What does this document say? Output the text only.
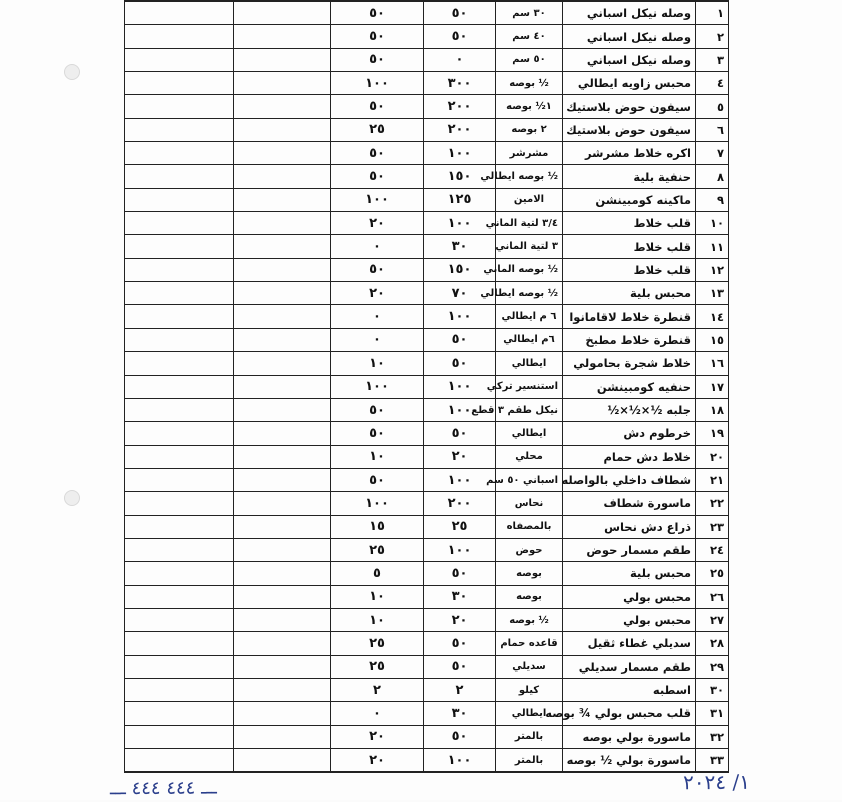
١	وصله نيكل اسباني	٣٠ سم	٥٠	٥٠		
٢	وصله نيكل اسباني	٤٠ سم	٥٠	٥٠		
٣	وصله نيكل اسباني	٥٠ سم	٠	٥٠		
٤	محبس زاويه ايطالي	½ بوصه	٣٠٠	١٠٠		
٥	سيفون حوض بلاستيك	١½ بوصه	٢٠٠	٥٠		
٦	سيفون حوض بلاستيك	٢ بوصه	٢٠٠	٢٥		
٧	اكره خلاط مشرشر	مشرشر	١٠٠	٥٠		
٨	حنفية بلية	½ بوصه ايطالي	١٥٠	٥٠		
٩	ماكينه كومبينشن	الامين	١٢٥	١٠٠		
١٠	قلب خلاط	٣/٤ لتية الماني	١٠٠	٢٠		
١١	قلب خلاط	٣ لتية الماني	٣٠	٠		
١٢	قلب خلاط	½ بوصه الماني	١٥٠	٥٠		
١٣	محبس بلية	½ بوصه ايطالي	٧٠	٢٠		
١٤	قنطرة خلاط لاقامانوا	٦ م ايطالي	١٠٠	٠		
١٥	قنطرة خلاط مطبخ	٦م ايطالي	٥٠	٠		
١٦	خلاط شجرة بحامولي	ايطالي	٥٠	١٠		
١٧	حنفيه كومبينشن	استنسير تركي	١٠٠	١٠٠		
١٨	جلبه ½×½×½	نيكل طقم ٣ قطع	١٠٠	٥٠		
١٩	خرطوم دش	ايطالي	٥٠	٥٠		
٢٠	خلاط دش حمام	محلي	٢٠	١٠		
٢١	شطاف داخلي بالواصله	اسباني ٥٠ سم	١٠٠	٥٠		
٢٢	ماسورة شطاف	نحاس	٢٠٠	١٠٠		
٢٣	ذراع دش نحاس	بالمصفاه	٢٥	١٥		
٢٤	طقم مسمار حوض	حوض	١٠٠	٢٥		
٢٥	محبس بلية	بوصه	٥٠	٥		
٢٦	محبس بولي	بوصه	٣٠	١٠		
٢٧	محبس بولي	½ بوصه	٢٠	١٠		
٢٨	سديلي غطاء ثقيل	قاعده حمام	٥٠	٢٥		
٢٩	طقم مسمار سديلي	سديلي	٥٠	٢٥		
٣٠	اسطبه	كيلو	٢	٢		
٣١	قلب محبس بولي ¾ بوصه	ايطالي	٣٠	٠		
٣٢	ماسورة بولي بوصه	بالمتر	٥٠	٢٠		
٣٣	ماسورة بولي ½ بوصه	بالمتر	١٠٠	٢٠		
ـــ ٤٤٤ ٤٤٤ ـــ	١/ ٢٠٢٤
